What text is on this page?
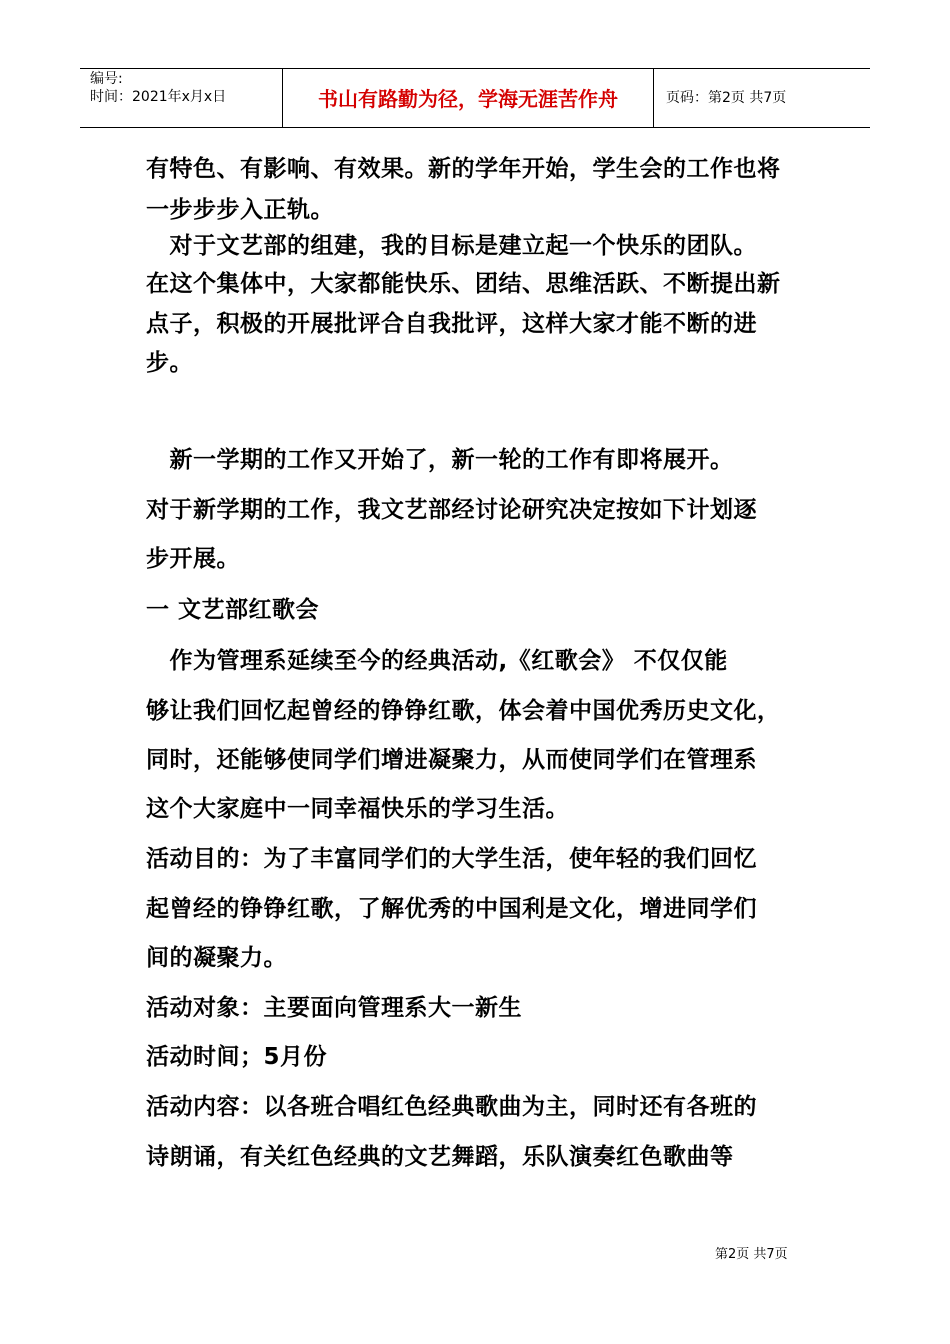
编号:
时间：2021年x月x日	书山有路勤为径，学海无涯苦作舟	页码：第2页 共7页
有特色、有影响、有效果。新的学年开始，学生会的工作也将
一步步步入正轨。
　对于文艺部的组建，我的目标是建立起一个快乐的团队。
在这个集体中，大家都能快乐、团结、思维活跃、不断提出新
点子，积极的开展批评合自我批评，这样大家才能不断的进
步。
　新一学期的工作又开始了，新一轮的工作有即将展开。
对于新学期的工作，我文艺部经讨论研究决定按如下计划逐
步开展。
一 文艺部红歌会
　作为管理系延续至今的经典活动,《红歌会》 不仅仅能
够让我们回忆起曾经的铮铮红歌，体会着中国优秀历史文化，
同时，还能够使同学们增进凝聚力，从而使同学们在管理系
这个大家庭中一同幸福快乐的学习生活。
活动目的：为了丰富同学们的大学生活，使年轻的我们回忆
起曾经的铮铮红歌，了解优秀的中国利是文化，增进同学们
间的凝聚力。
活动对象：主要面向管理系大一新生
活动时间；5月份
活动内容：以各班合唱红色经典歌曲为主，同时还有各班的
诗朗诵，有关红色经典的文艺舞蹈，乐队演奏红色歌曲等
第2页 共7页
